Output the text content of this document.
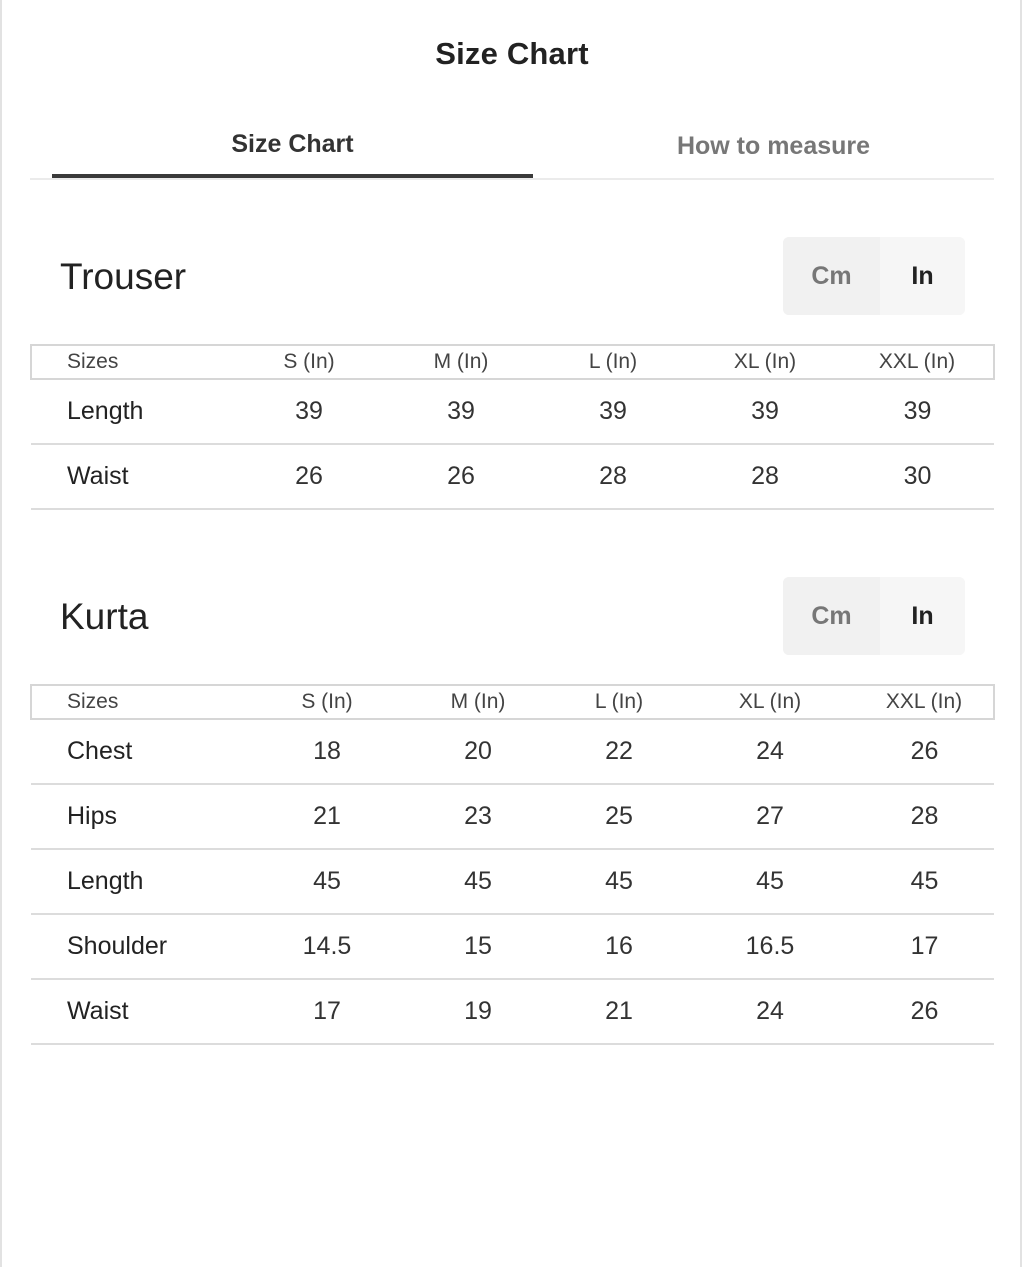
Size Chart
Size Chart	How to measure
Trouser	Cm	In
Sizes	S (In)	M (In)	L (In)	XL (In)	XXL (In)
Length	39	39	39	39	39
Waist	26	26	28	28	30
Kurta	Cm	In
Sizes	S (In)	M (In)	L (In)	XL (In)	XXL (In)
Chest	18	20	22	24	26
Hips	21	23	25	27	28
Length	45	45	45	45	45
Shoulder	14.5	15	16	16.5	17
Waist	17	19	21	24	26
